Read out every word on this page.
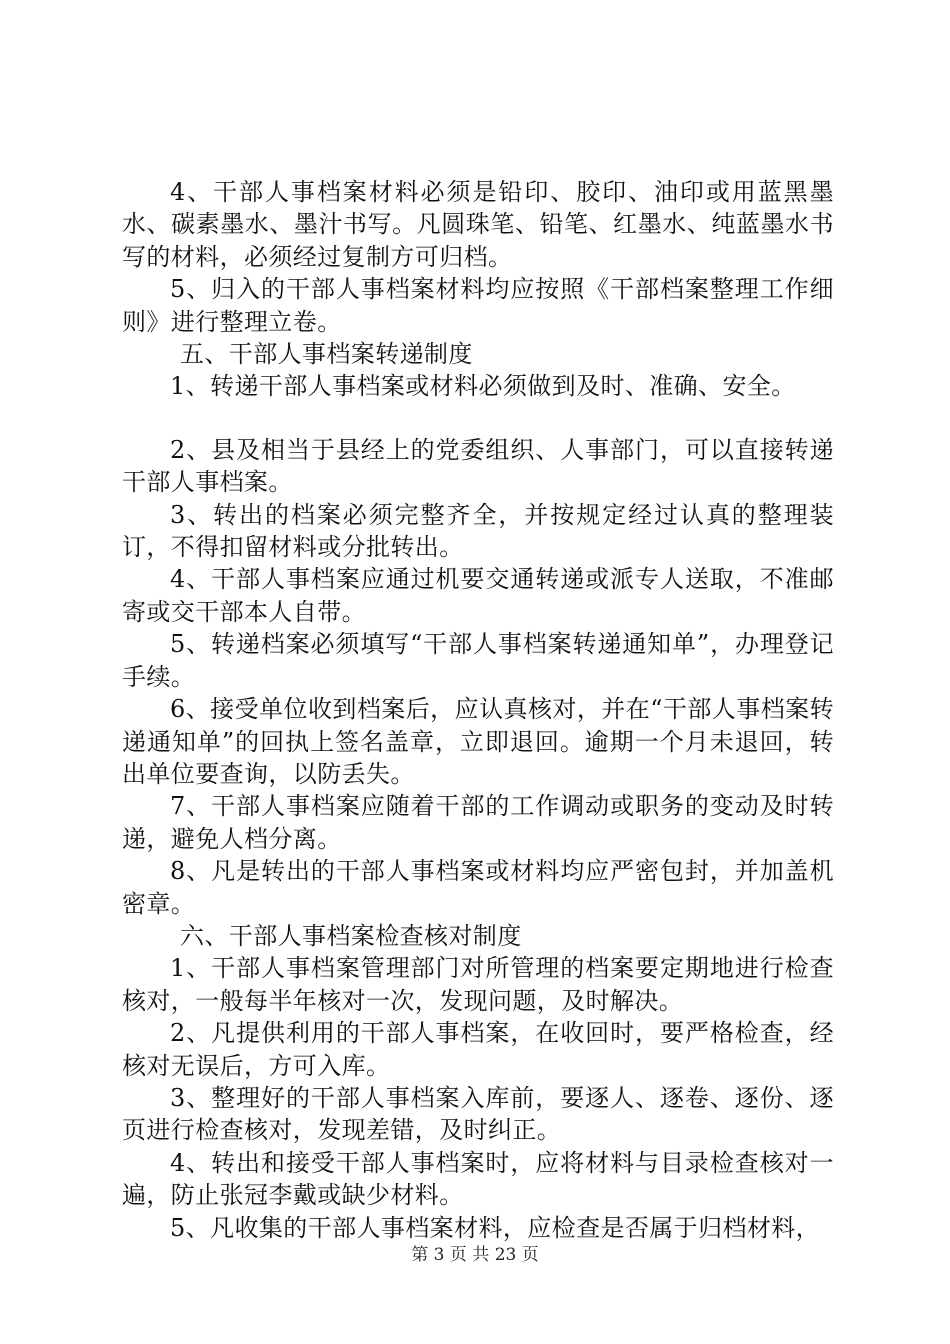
4、干部人事档案材料必须是铅印、胶印、油印或用蓝黑墨水、碳素墨水、墨汁书写。凡圆珠笔、铅笔、红墨水、纯蓝墨水书写的材料，必须经过复制方可归档。

5、归入的干部人事档案材料均应按照《干部档案整理工作细则》进行整理立卷。

五、干部人事档案转递制度

1、转递干部人事档案或材料必须做到及时、准确、安全。

2、县及相当于县经上的党委组织、人事部门，可以直接转递干部人事档案。

3、转出的档案必须完整齐全，并按规定经过认真的整理装订，不得扣留材料或分批转出。

4、干部人事档案应通过机要交通转递或派专人送取，不准邮寄或交干部本人自带。

5、转递档案必须填写“干部人事档案转递通知单”，办理登记手续。

6、接受单位收到档案后，应认真核对，并在“干部人事档案转递通知单”的回执上签名盖章，立即退回。逾期一个月未退回，转出单位要查询，以防丢失。

7、干部人事档案应随着干部的工作调动或职务的变动及时转递，避免人档分离。

8、凡是转出的干部人事档案或材料均应严密包封，并加盖机密章。

六、干部人事档案检查核对制度

1、干部人事档案管理部门对所管理的档案要定期地进行检查核对，一般每半年核对一次，发现问题，及时解决。

2、凡提供利用的干部人事档案，在收回时，要严格检查，经核对无误后，方可入库。

3、整理好的干部人事档案入库前，要逐人、逐卷、逐份、逐页进行检查核对，发现差错，及时纠正。

4、转出和接受干部人事档案时，应将材料与目录检查核对一遍，防止张冠李戴或缺少材料。

5、凡收集的干部人事档案材料，应检查是否属于归档材料，

第 3 页 共 23 页
